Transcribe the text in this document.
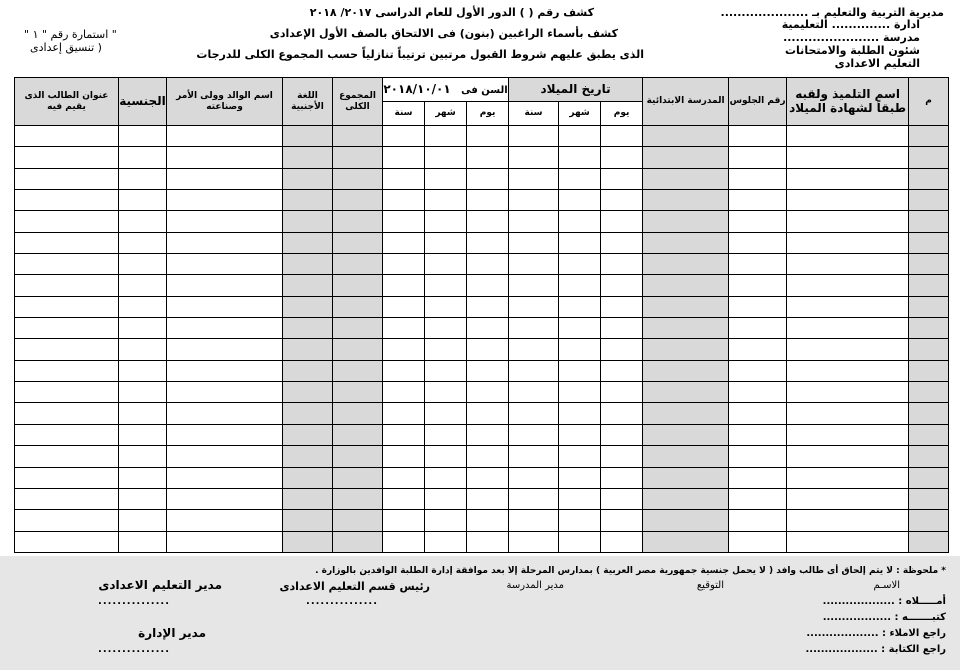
مديرية التربية والتعليم بـ .....................
ادارة .............. التعليمية
مدرسة .......................
شئون الطلبة والامتحانات
التعليم الاعدادى
كشف رقم ( ) الدور الأول للعام الدراسى ٢٠١٧/ ٢٠١٨
كشف بأسماء الراغبين (بنون) فى الالتحاق بالصف الأول الإعدادى
الذى يطبق عليهم شروط القبول مرتبين ترتيباً تنازلياً حسب المجموع الكلى للدرجات
" استمارة رقم " ١ "
( تنسيق إعدادى
م	اسم التلميذ ولقبه طبقاً لشهادة الميلاد	رقم الجلوس	المدرسة الابتدائية	تاريخ الميلاد			السن فى   ٢٠١٨/١٠/٠١			المجموع الكلى	اللغة الأجنبية	اسم الوالد وولى الأمر وصناعته	الجنسية	عنوان الطالب الذى يقيم فيه
				يوم	شهر	سنة	يوم	شهر	سنة					

* ملحوظة : لا يتم إلحاق أى طالب وافد ( لا يحمل جنسية جمهورية مصر العربية ) بمدارس المرحلة إلا بعد موافقة إدارة الطلبة الوافدين بالوزارة .
الاسـم
أمـــــلاه : ...................
كتبـــــــه : ..................
راجع الاملاء : ...................
راجع الكتابة : ...................
التوقيع
مدير المدرسة
رئيس قسم التعليم الاعدادى
...............
مدير التعليم الاعدادى
...............
مدير الإدارة
...............
